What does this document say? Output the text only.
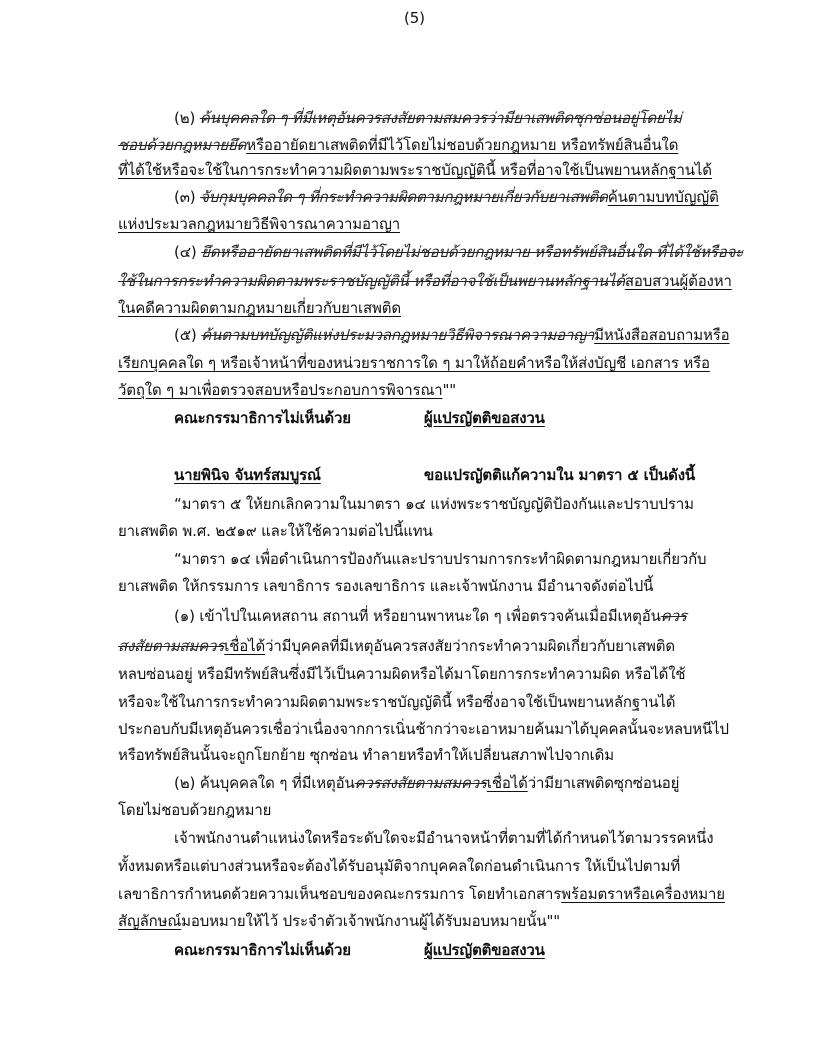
(5)
(๒) ค้นบุคคลใด ๆ ที่มีเหตุอันควรสงสัยตามสมควรว่ามียาเสพติดซุกซ่อนอยู่โดยไม่
ชอบด้วยกฎหมายยึดหรืออายัดยาเสพติดที่มีไว้โดยไม่ชอบด้วยกฎหมาย หรือทรัพย์สินอื่นใด
ที่ได้ใช้หรือจะใช้ในการกระทำความผิดตามพระราชบัญญัตินี้ หรือที่อาจใช้เป็นพยานหลักฐานได้
(๓) จับกุมบุคคลใด ๆ ที่กระทำความผิดตามกฎหมายเกี่ยวกับยาเสพติดค้นตามบทบัญญัติ
แห่งประมวลกฎหมายวิธีพิจารณาความอาญา
(๔) ยึดหรืออายัดยาเสพติดที่มีไว้โดยไม่ชอบด้วยกฎหมาย หรือทรัพย์สินอื่นใด ที่ได้ใช้หรือจะ
ใช้ในการกระทำความผิดตามพระราชบัญญัตินี้ หรือที่อาจใช้เป็นพยานหลักฐานได้สอบสวนผู้ต้องหา
ในคดีความผิดตามกฎหมายเกี่ยวกับยาเสพติด
(๕) ค้นตามบทบัญญัติแห่งประมวลกฎหมายวิธีพิจารณาความอาญามีหนังสือสอบถามหรือ
เรียกบุคคลใด ๆ หรือเจ้าหน้าที่ของหน่วยราชการใด ๆ มาให้ถ้อยคำหรือให้ส่งบัญชี เอกสาร หรือ
วัตถุใด ๆ มาเพื่อตรวจสอบหรือประกอบการพิจารณา""
คณะกรรมาธิการไม่เห็นด้วย	ผู้แปรญัตติขอสงวน
นายพินิจ จันทร์สมบูรณ์	ขอแปรญัตติแก้ความใน มาตรา ๕ เป็นดังนี้
“มาตรา ๕ ให้ยกเลิกความในมาตรา ๑๔ แห่งพระราชบัญญัติป้องกันและปราบปราม
ยาเสพติด พ.ศ. ๒๕๑๙ และให้ใช้ความต่อไปนี้แทน
“มาตรา ๑๔ เพื่อดำเนินการป้องกันและปราบปรามการกระทำผิดตามกฎหมายเกี่ยวกับ
ยาเสพติด ให้กรรมการ เลขาธิการ รองเลขาธิการ และเจ้าพนักงาน มีอำนาจดังต่อไปนี้
(๑) เข้าไปในเคหสถาน สถานที่ หรือยานพาหนะใด ๆ เพื่อตรวจค้นเมื่อมีเหตุอันควร
สงสัยตามสมควรเชื่อได้ว่ามีบุคคลที่มีเหตุอันควรสงสัยว่ากระทำความผิดเกี่ยวกับยาเสพติด
หลบซ่อนอยู่ หรือมีทรัพย์สินซึ่งมีไว้เป็นความผิดหรือได้มาโดยการกระทำความผิด หรือได้ใช้
หรือจะใช้ในการกระทำความผิดตามพระราชบัญญัตินี้ หรือซึ่งอาจใช้เป็นพยานหลักฐานได้
ประกอบกับมีเหตุอันควรเชื่อว่าเนื่องจากการเนิ่นช้ากว่าจะเอาหมายค้นมาได้บุคคลนั้นจะหลบหนีไป
หรือทรัพย์สินนั้นจะถูกโยกย้าย ซุกซ่อน ทำลายหรือทำให้เปลี่ยนสภาพไปจากเดิม
(๒) ค้นบุคคลใด ๆ ที่มีเหตุอันควรสงสัยตามสมควรเชื่อได้ว่ามียาเสพติดซุกซ่อนอยู่
โดยไม่ชอบด้วยกฎหมาย
เจ้าพนักงานตำแหน่งใดหรือระดับใดจะมีอำนาจหน้าที่ตามที่ได้กำหนดไว้ตามวรรคหนึ่ง
ทั้งหมดหรือแต่บางส่วนหรือจะต้องได้รับอนุมัติจากบุคคลใดก่อนดำเนินการ ให้เป็นไปตามที่
เลขาธิการกำหนดด้วยความเห็นชอบของคณะกรรมการ โดยทำเอกสารพร้อมตราหรือเครื่องหมาย
สัญลักษณ์มอบหมายให้ไว้ ประจำตัวเจ้าพนักงานผู้ได้รับมอบหมายนั้น""
คณะกรรมาธิการไม่เห็นด้วย	ผู้แปรญัตติขอสงวน
